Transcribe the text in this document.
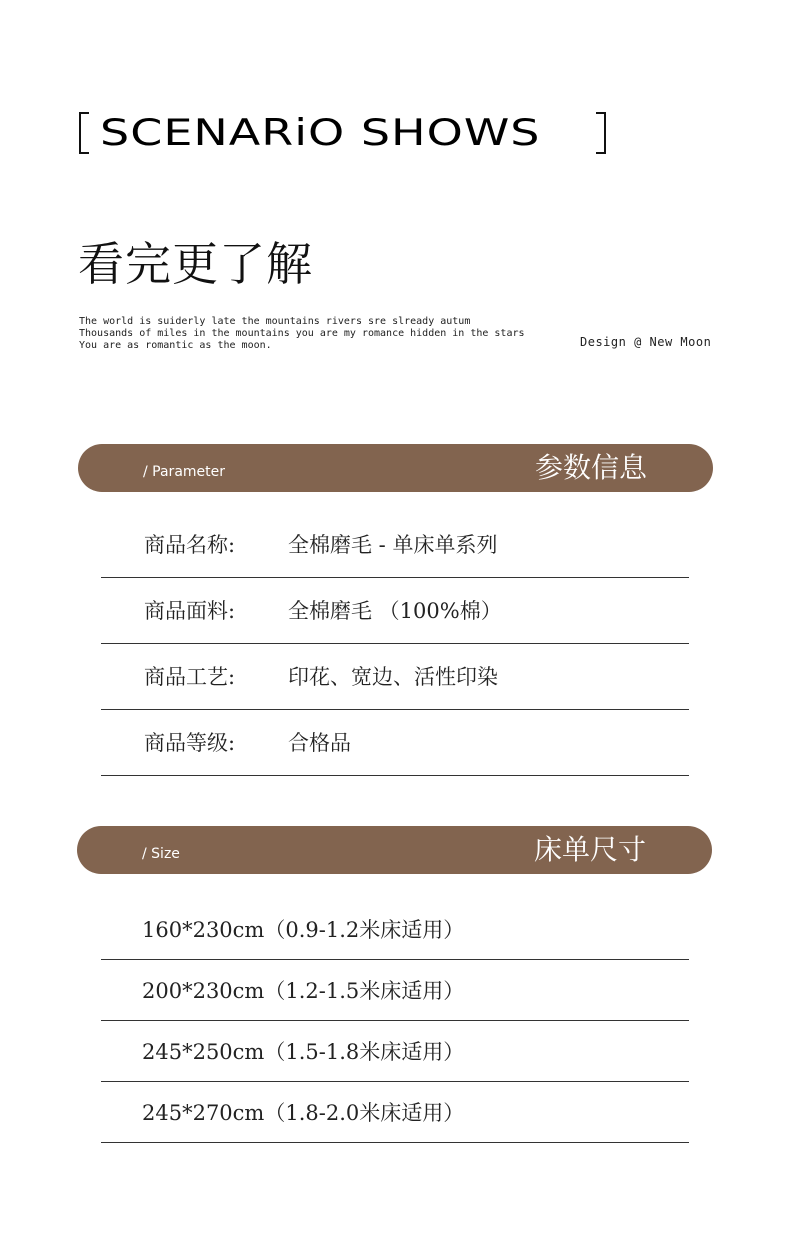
SCENARiO SHOWS
看完更了解
The world is suiderly late the mountains rivers sre slready autum
Thousands of miles in the mountains you are my romance hidden in the stars
You are as romantic as the moon.	Design @ New Moon
/ Parameter	参数信息
商品名称:	全棉磨毛 - 单床单系列
商品面料:	全棉磨毛 （100%棉）
商品工艺:	印花、宽边、活性印染
商品等级:	合格品
/ Size	床单尺寸
160*230cm（0.9-1.2米床适用）
200*230cm（1.2-1.5米床适用）
245*250cm（1.5-1.8米床适用）
245*270cm（1.8-2.0米床适用）
